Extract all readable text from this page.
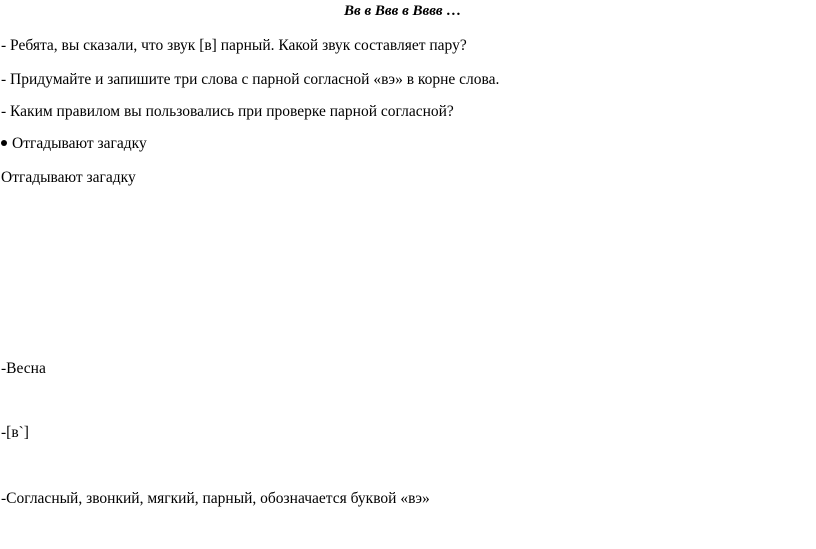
Вв в Ввв в Вввв …
- Ребята, вы сказали, что звук [в] парный. Какой звук составляет пару?
- Придумайте и запишите три слова с парной согласной «вэ» в корне слова.
- Каким правилом вы пользовались при проверке парной согласной?
Отгадывают загадку
Отгадывают загадку
-Весна
-[в`]
-Согласный, звонкий, мягкий, парный, обозначается буквой «вэ»
